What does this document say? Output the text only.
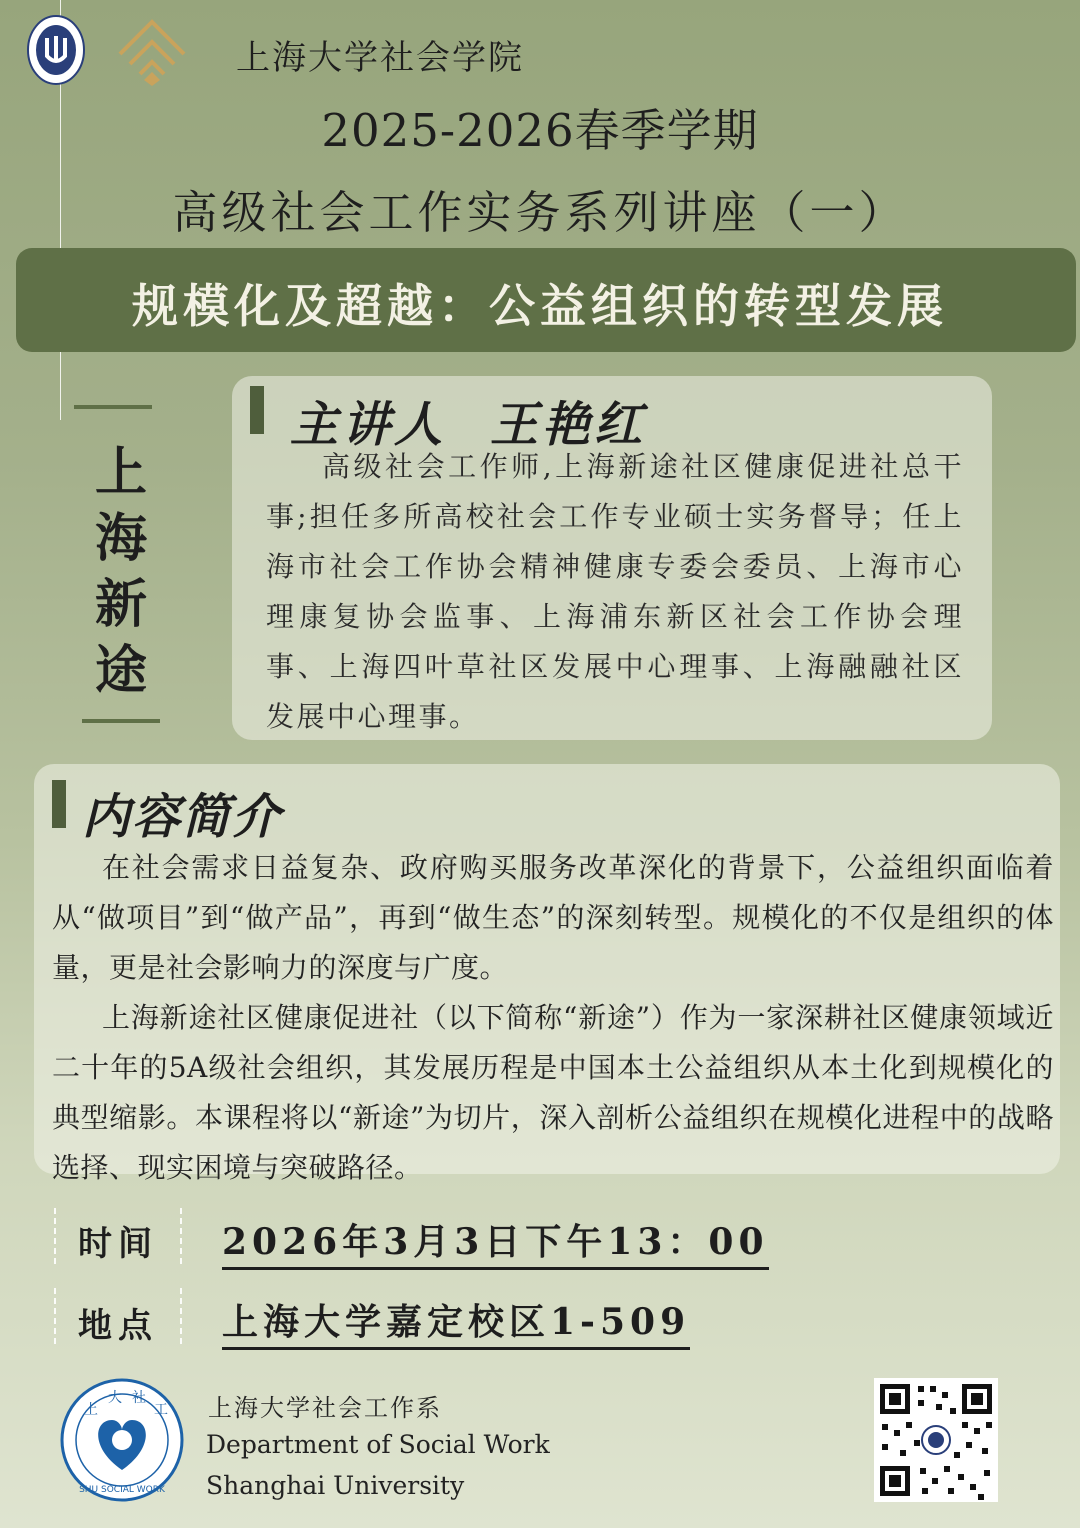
上海大学社会学院
2025-2026春季学期
高级社会工作实务系列讲座（一）
规模化及超越：公益组织的转型发展
上海新途
主讲人 王艳红
高级社会工作师,上海新途社区健康促进社总干事;担任多所高校社会工作专业硕士实务督导；任上海市社会工作协会精神健康专委会委员、上海市心理康复协会监事、上海浦东新区社会工作协会理事、上海四叶草社区发展中心理事、上海融融社区发展中心理事。
内容简介
在社会需求日益复杂、政府购买服务改革深化的背景下，公益组织面临着从“做项目”到“做产品”，再到“做生态”的深刻转型。规模化的不仅是组织的体量，更是社会影响力的深度与广度。
上海新途社区健康促进社（以下简称“新途”）作为一家深耕社区健康领域近二十年的5A级社会组织，其发展历程是中国本土公益组织从本土化到规模化的典型缩影。本课程将以“新途”为切片，深入剖析公益组织在规模化进程中的战略选择、现实困境与突破路径。
时间 2026年3月3日下午13：00
地点 上海大学嘉定校区1-509
上
大 社
工
SHU SOCIAL WORK
上海大学社会工作系
Department of Social Work
Shanghai University
